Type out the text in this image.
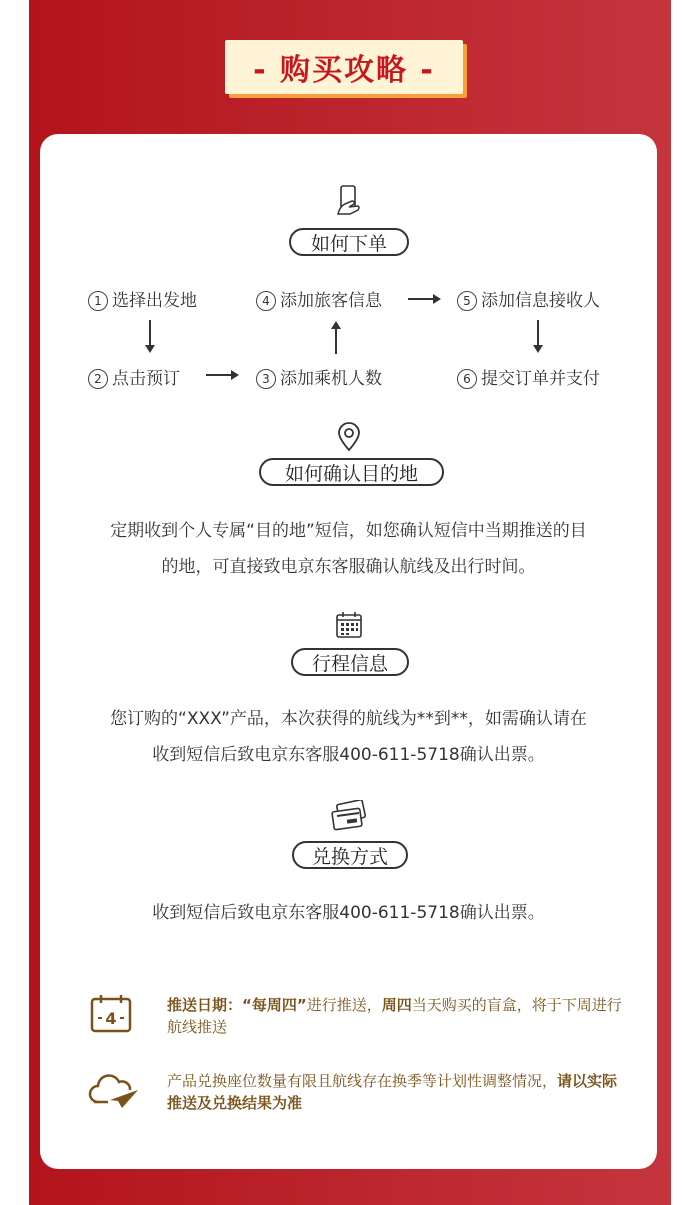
- 购买攻略 -
如何下单
1 选择出发地
2 点击预订	3 添加乘机人数
4 添加旅客信息	5 添加信息接收人
6 提交订单并支付
如何确认目的地
定期收到个人专属“目的地”短信，如您确认短信中当期推送的目
的地，可直接致电京东客服确认航线及出行时间。
行程信息
您订购的“XXX”产品，本次获得的航线为**到**，如需确认请在
收到短信后致电京东客服400-611-5718确认出票。
兑换方式
收到短信后致电京东客服400-611-5718确认出票。
4
推送日期：“每周四”进行推送，周四当天购买的盲盒，将于下周进行航线推送
产品兑换座位数量有限且航线存在换季等计划性调整情况，请以实际推送及兑换结果为准
